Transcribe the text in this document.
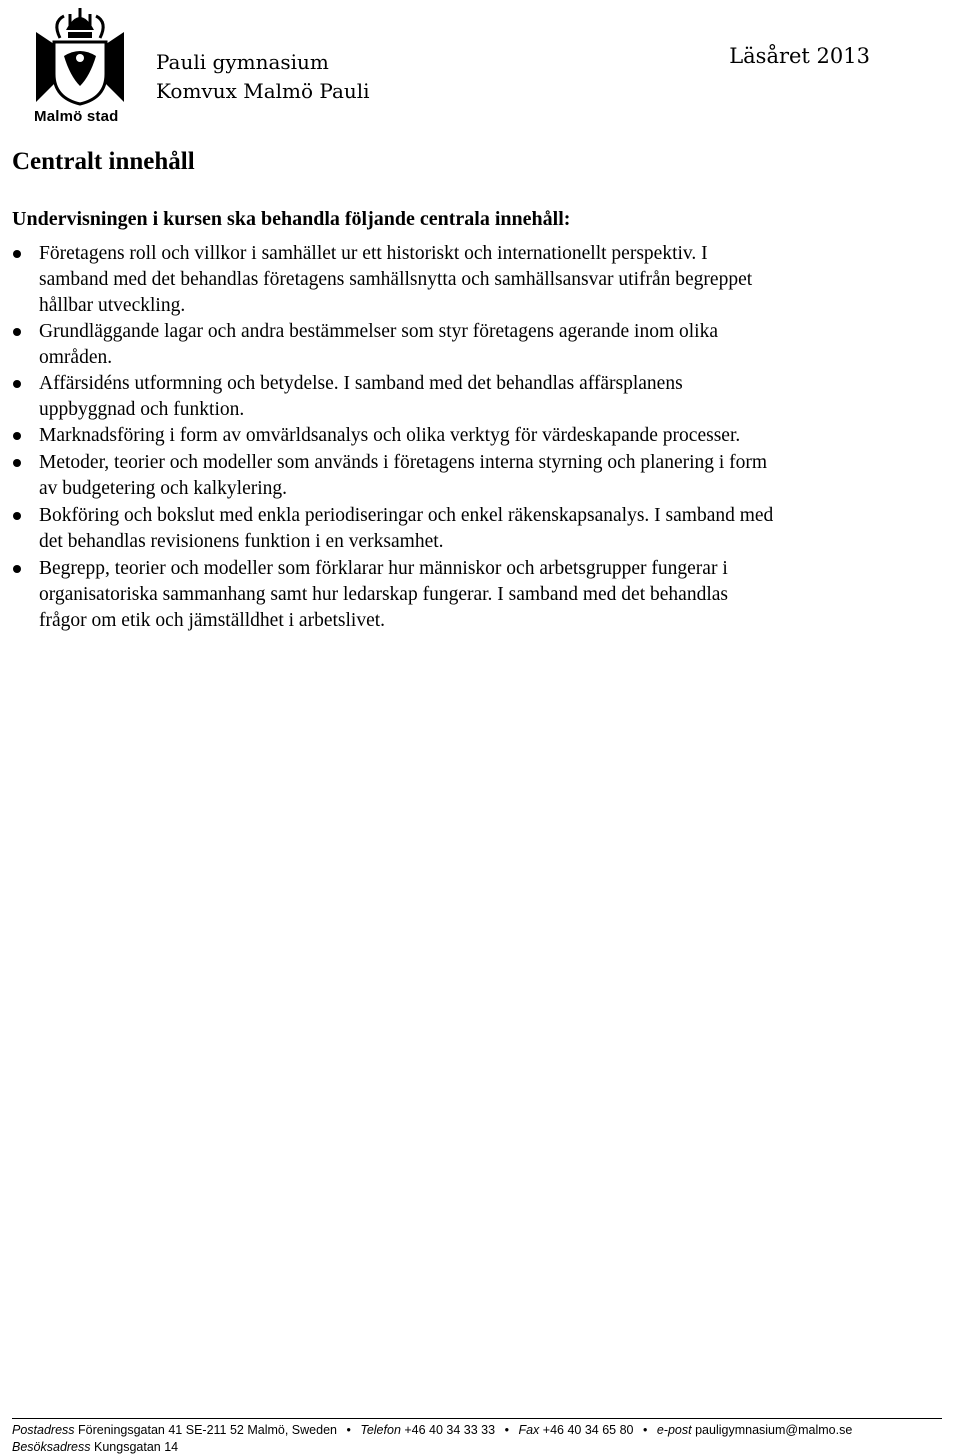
Malmö stad
Pauli gymnasium
Komvux Malmö Pauli
Läsåret 2013
Centralt innehåll

Undervisningen i kursen ska behandla följande centrala innehåll:

Företagens roll och villkor i samhället ur ett historiskt och internationellt perspektiv. I
samband med det behandlas företagens samhällsnytta och samhällsansvar utifrån begreppet
hållbar utveckling.
Grundläggande lagar och andra bestämmelser som styr företagens agerande inom olika
områden.
Affärsidéns utformning och betydelse. I samband med det behandlas affärsplanens
uppbyggnad och funktion.
Marknadsföring i form av omvärldsanalys och olika verktyg för värdeskapande processer.
Metoder, teorier och modeller som används i företagens interna styrning och planering i form
av budgetering och kalkylering.
Bokföring och bokslut med enkla periodiseringar och enkel räkenskapsanalys. I samband med
det behandlas revisionens funktion i en verksamhet.
Begrepp, teorier och modeller som förklarar hur människor och arbetsgrupper fungerar i
organisatoriska sammanhang samt hur ledarskap fungerar. I samband med det behandlas
frågor om etik och jämställdhet i arbetslivet.
Postadress Föreningsgatan 41 SE-211 52 Malmö, Sweden • Telefon +46 40 34 33 33 • Fax +46 40 34 65 80 • e-post pauligymnasium@malmo.se
Besöksadress Kungsgatan 14
